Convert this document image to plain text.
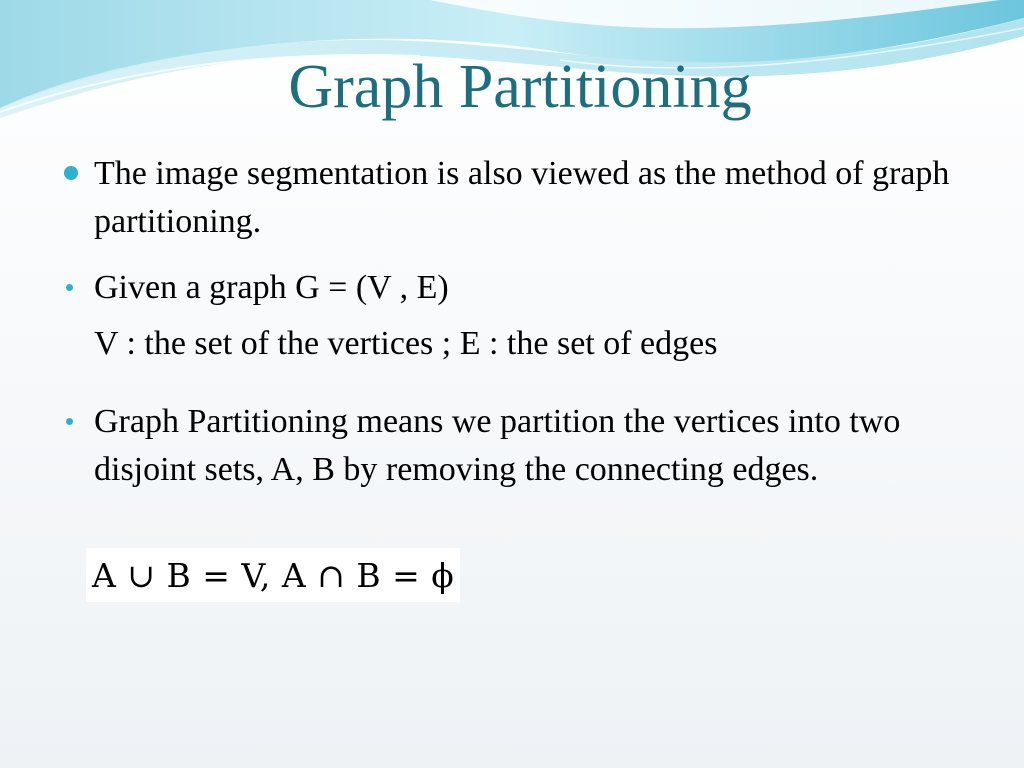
Graph Partitioning
The image segmentation is also viewed as the method of graph partitioning.
Given a graph G = (V , E)
V : the set of the vertices ; E : the set of edges
Graph Partitioning means we partition the vertices into two disjoint sets, A, B by removing the connecting edges.
A ∪ B = V, A ∩ B = ϕ
